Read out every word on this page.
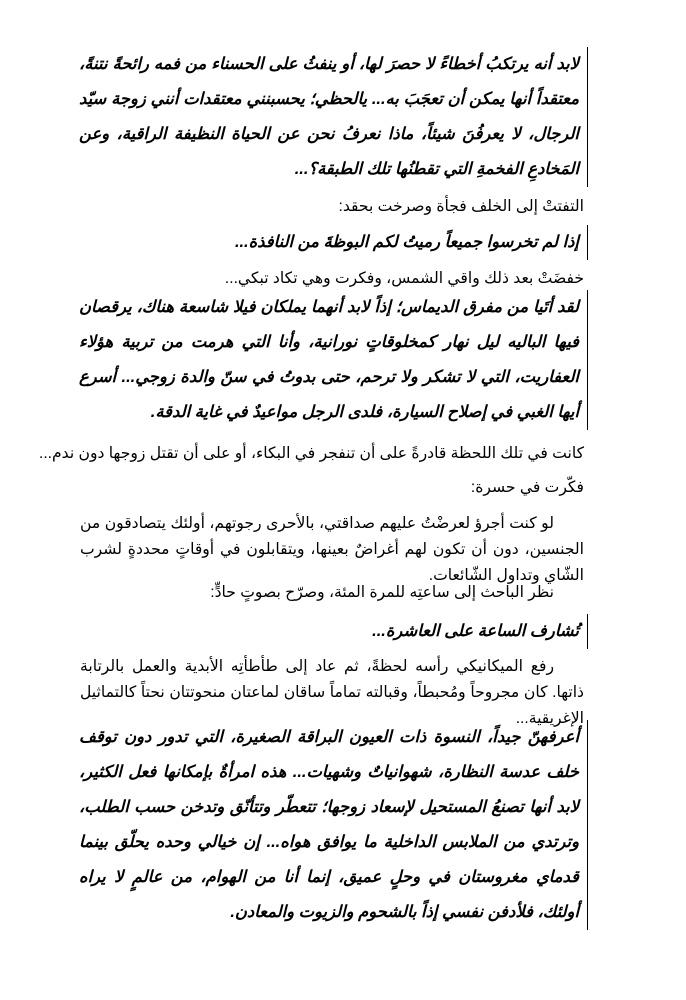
لابد أنه يرتكبُ أخطاءً لا حصرَ لها، أو ينفثُ على الحسناء من فمه رائحةً نتنةً، معتقداً أنها يمكن أن تعجَبَ به... يالحظي؛ يحسبنني معتقدات أنني زوجة سيّد الرجال، لا يعرفُنَ شيئاً، ماذا نعرفُ نحن عن الحياة النظيفة الراقية، وعن المَخادعِ الفخمةِ التي تقطنُها تلك الطبقة؟...
التفتتْ إلى الخلف فجأة وصرخت بحقد:
إذا لم تخرسوا جميعاً رميتُ لكم البوظةَ من النافذة...
خفضَتْ بعد ذلك واقي الشمس، وفكرت وهي تكاد تبكي...
لقد أتَيا من مفرق الديماس؛ إذاً لابد أنهما يملكان فيلا شاسعة هناك، يرقصان فيها الباليه ليل نهار كمخلوقاتٍ نورانية، وأنا التي هرمت من تربية هؤلاء العفاريت، التي لا تشكر ولا ترحم، حتى بدوتُ في سنّ والدة زوجي... أسرع أيها الغبي في إصلاح السيارة، فلدى الرجل مواعيدٌ في غاية الدقة.
كانت في تلك اللحظة قادرةً على أن تنفجر في البكاء، أو على أن تقتل زوجها دون ندم...
فكّرت في حسرة:
لو كنت أجرؤ لعرضْتُ عليهم صداقتي، بالأحرى رجوتهم، أولئك يتصادقون من الجنسين، دون أن تكون لهم أغراضٌ بعينها، ويتقابلون في أوقاتٍ محددةٍ لشرب الشّاي وتداول الشّائعات.
نظر الباحث إلى ساعتِه للمرة المئة، وصرّح بصوتٍ حادٍّ:
تُشارف الساعة على العاشرة...
رفع الميكانيكي رأسه لحظةً، ثم عاد إلى طأطأتِه الأبدية والعمل بالرتابة ذاتها. كان مجروحاً ومُحبطاً، وقبالته تماماً ساقان لماعتان منحوتتان نحتاً كالتماثيل الإغريقية...
أعرفهنّ جيداً، النسوة ذات العيون البراقة الصغيرة، التي تدور دون توقف خلف عدسة النظارة، شهوانياتٌ وشهيات... هذه امرأةٌ بإمكانها فعل الكثير، لابد أنها تصنعُ المستحيل لإسعاد زوجها؛ تتعطّر وتتأنّق وتدخن حسب الطلب، وترتدي من الملابس الداخلية ما يوافق هواه... إن خيالي وحده يحلّق بينما قدماي مغروستان في وحلٍ عميق، إنما أنا من الهوام، من عالمٍ لا يراه أولئك، فلأدفن نفسي إذاً بالشحوم والزيوت والمعادن.
